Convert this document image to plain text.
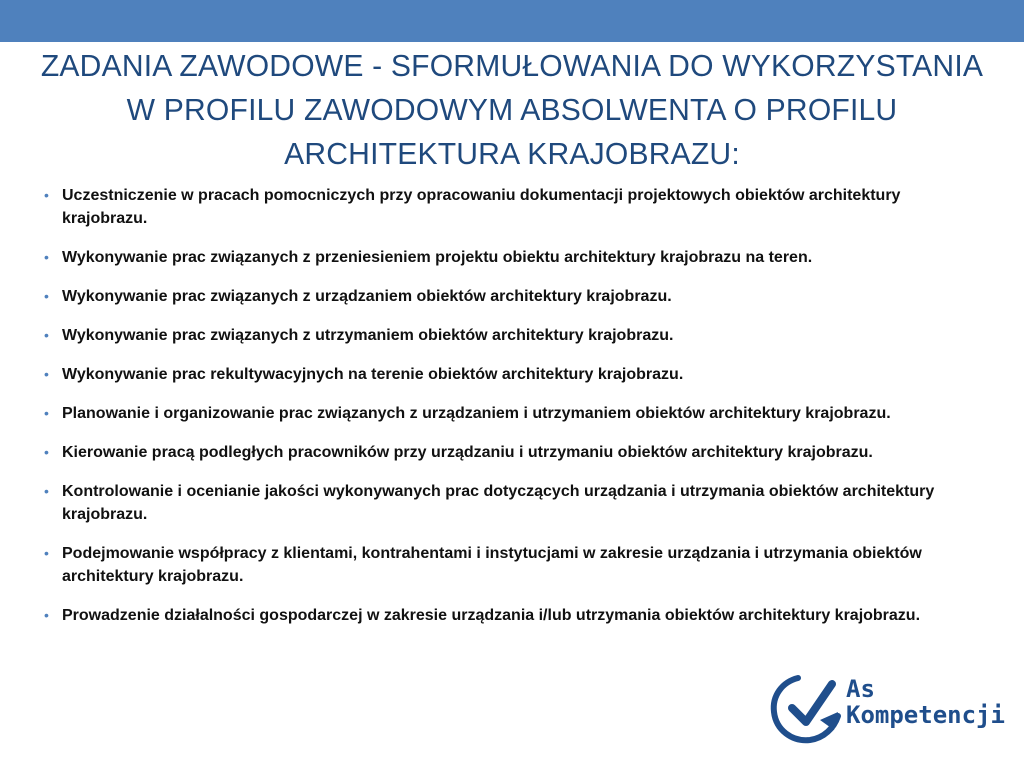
ZADANIA ZAWODOWE - SFORMUŁOWANIA DO WYKORZYSTANIA W PROFILU ZAWODOWYM ABSOLWENTA O PROFILU ARCHITEKTURA KRAJOBRAZU:
• Uczestniczenie w pracach pomocniczych przy opracowaniu dokumentacji projektowych obiektów architektury krajobrazu.
• Wykonywanie prac związanych z przeniesieniem projektu obiektu architektury krajobrazu na teren.
• Wykonywanie prac związanych z urządzaniem obiektów architektury krajobrazu.
• Wykonywanie prac związanych z utrzymaniem obiektów architektury krajobrazu.
• Wykonywanie prac rekultywacyjnych na terenie obiektów architektury krajobrazu.
• Planowanie i organizowanie prac związanych z urządzaniem i utrzymaniem obiektów architektury krajobrazu.
• Kierowanie pracą podległych pracowników przy urządzaniu i utrzymaniu obiektów architektury krajobrazu.
• Kontrolowanie i ocenianie jakości wykonywanych prac dotyczących urządzania i utrzymania obiektów architektury krajobrazu.
• Podejmowanie współpracy z klientami, kontrahentami i instytucjami w zakresie urządzania i utrzymania obiektów architektury krajobrazu.
• Prowadzenie działalności gospodarczej w zakresie urządzania i/lub utrzymania obiektów architektury krajobrazu.
As
Kompetencji
